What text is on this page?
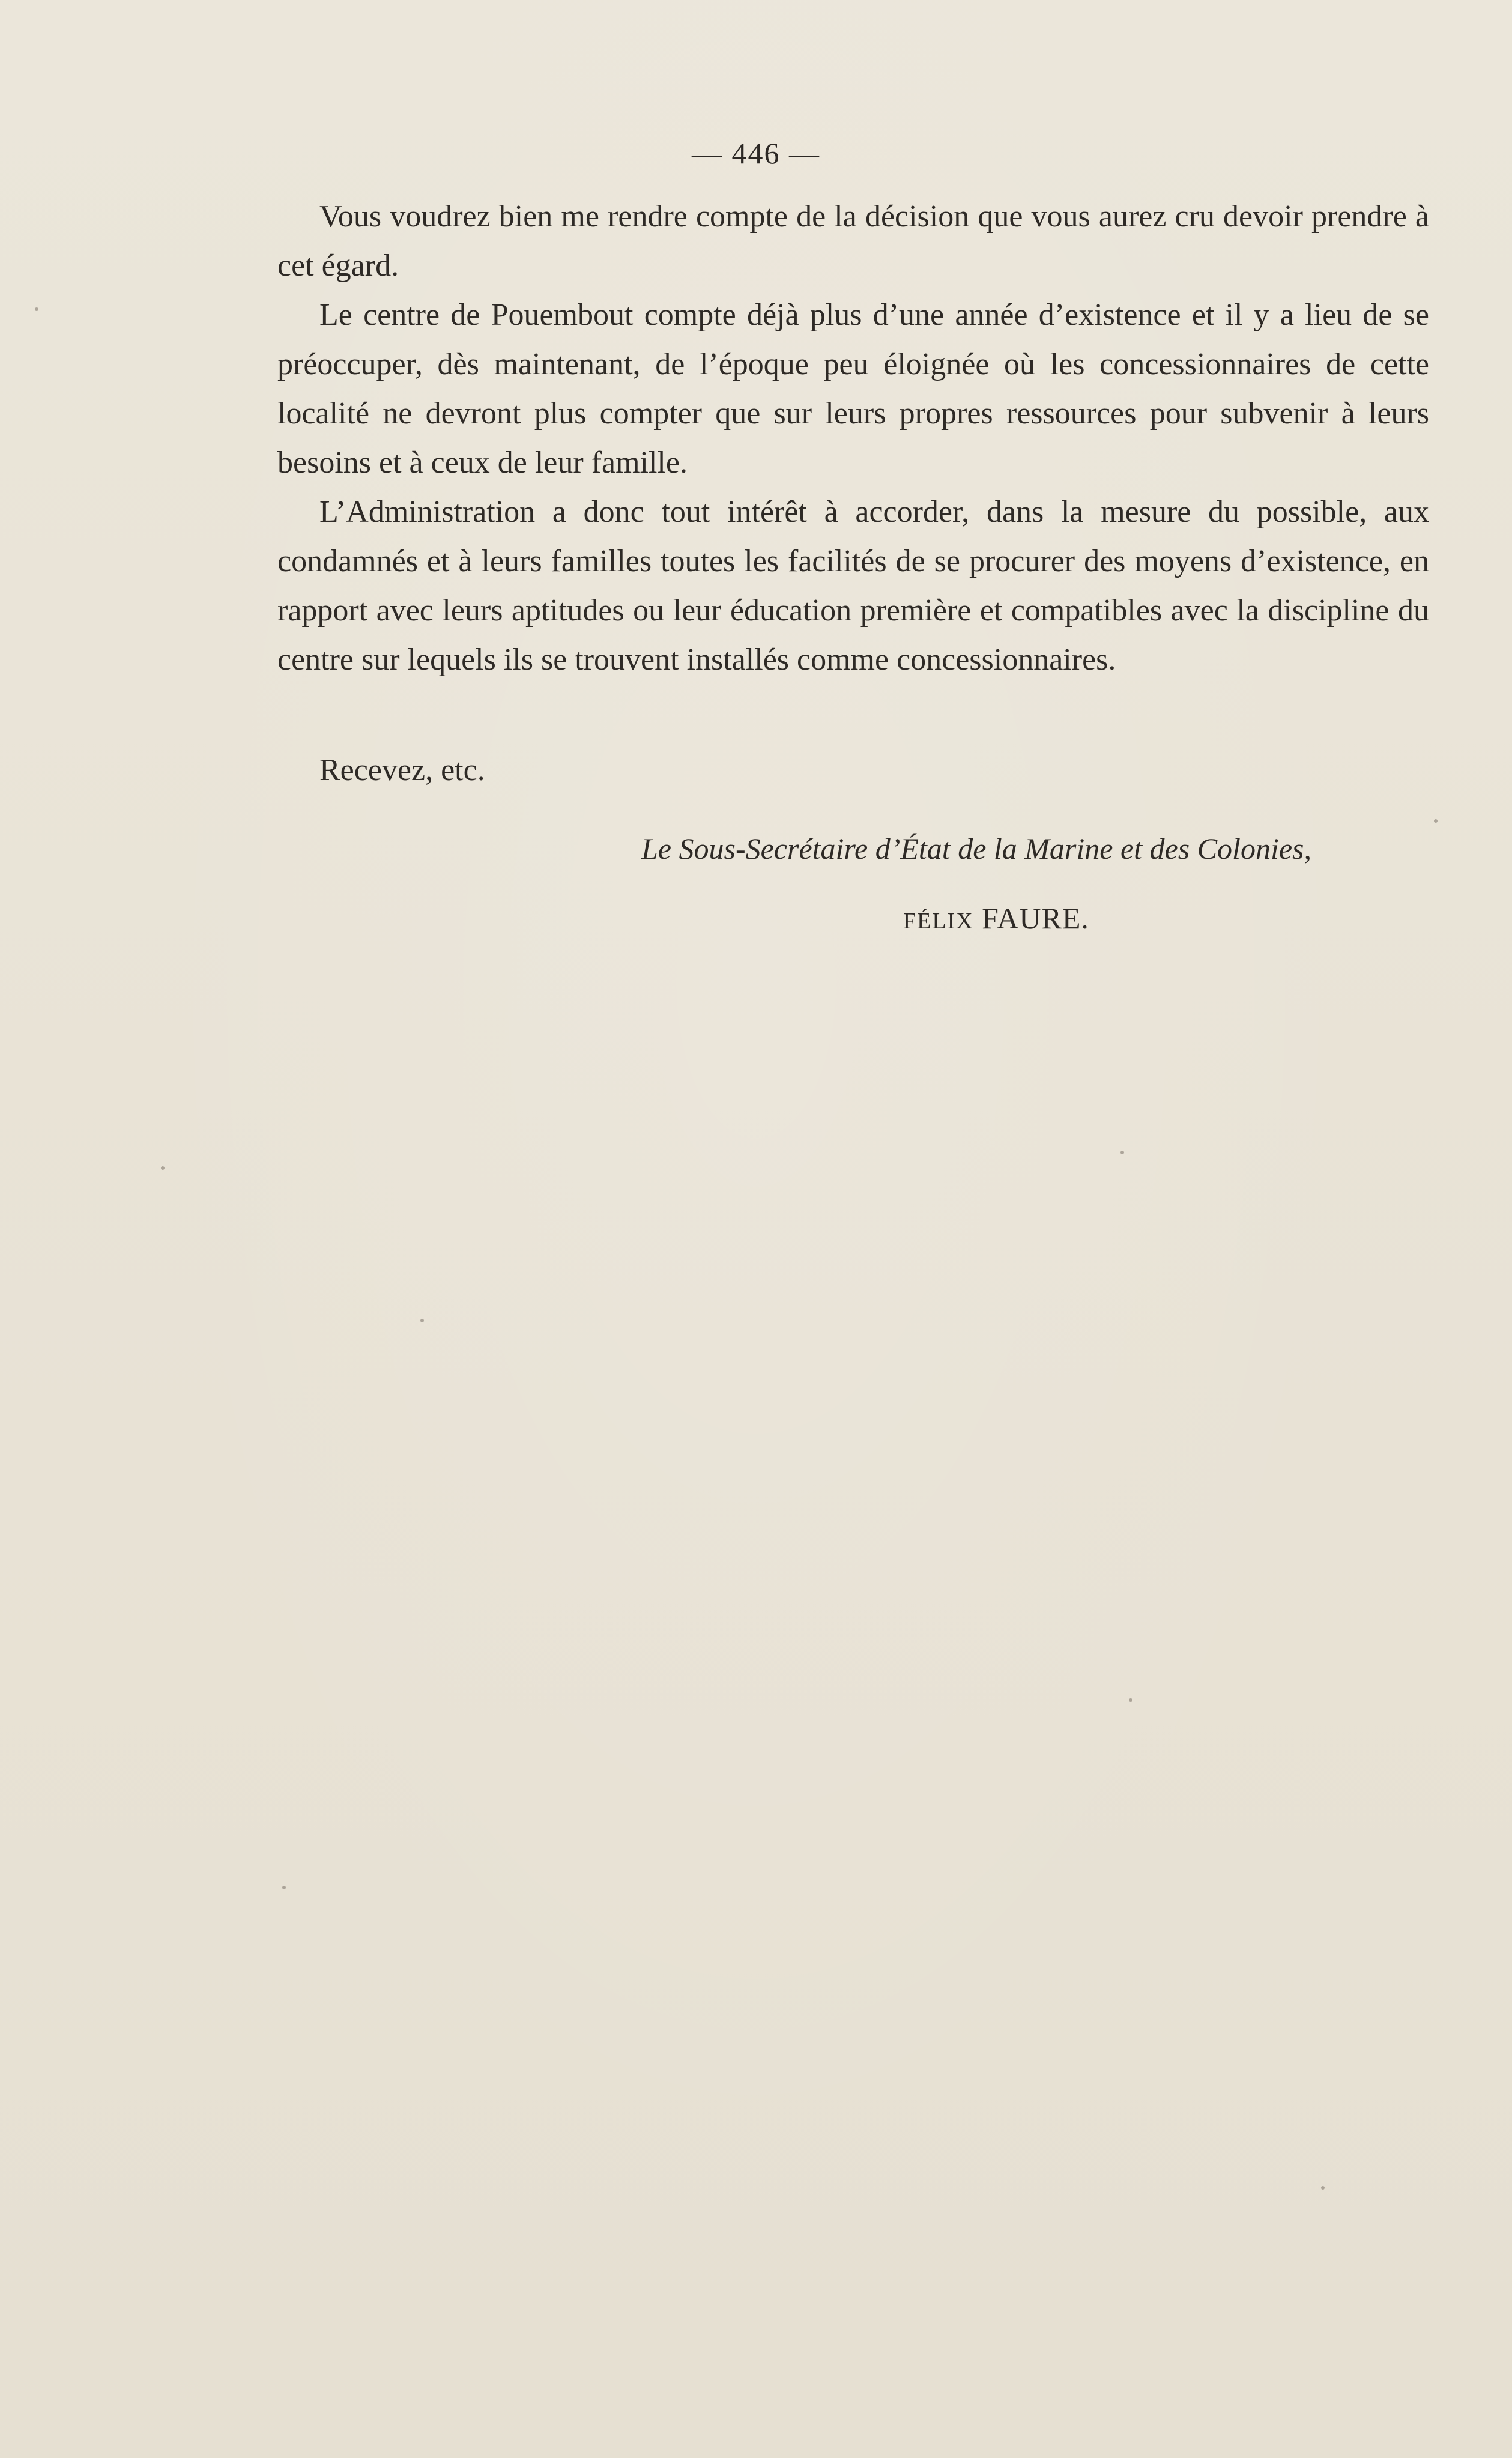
— 446 —

Vous voudrez bien me rendre compte de la décision que vous aurez cru devoir prendre à cet égard.

Le centre de Pouembout compte déjà plus d’une année d’existence et il y a lieu de se préoccuper, dès maintenant, de l’époque peu éloignée où les concessionnaires de cette localité ne devront plus compter que sur leurs propres ressources pour subvenir à leurs besoins et à ceux de leur famille.

L’Administration a donc tout intérêt à accorder, dans la mesure du possible, aux condamnés et à leurs familles toutes les facilités de se procurer des moyens d’existence, en rapport avec leurs aptitudes ou leur éducation première et compatibles avec la discipline du centre sur lequels ils se trouvent installés comme concessionnaires.

Recevez, etc.
Le Sous-Secrétaire d’État de la Marine et des Colonies,
FÉLIX FAURE.
